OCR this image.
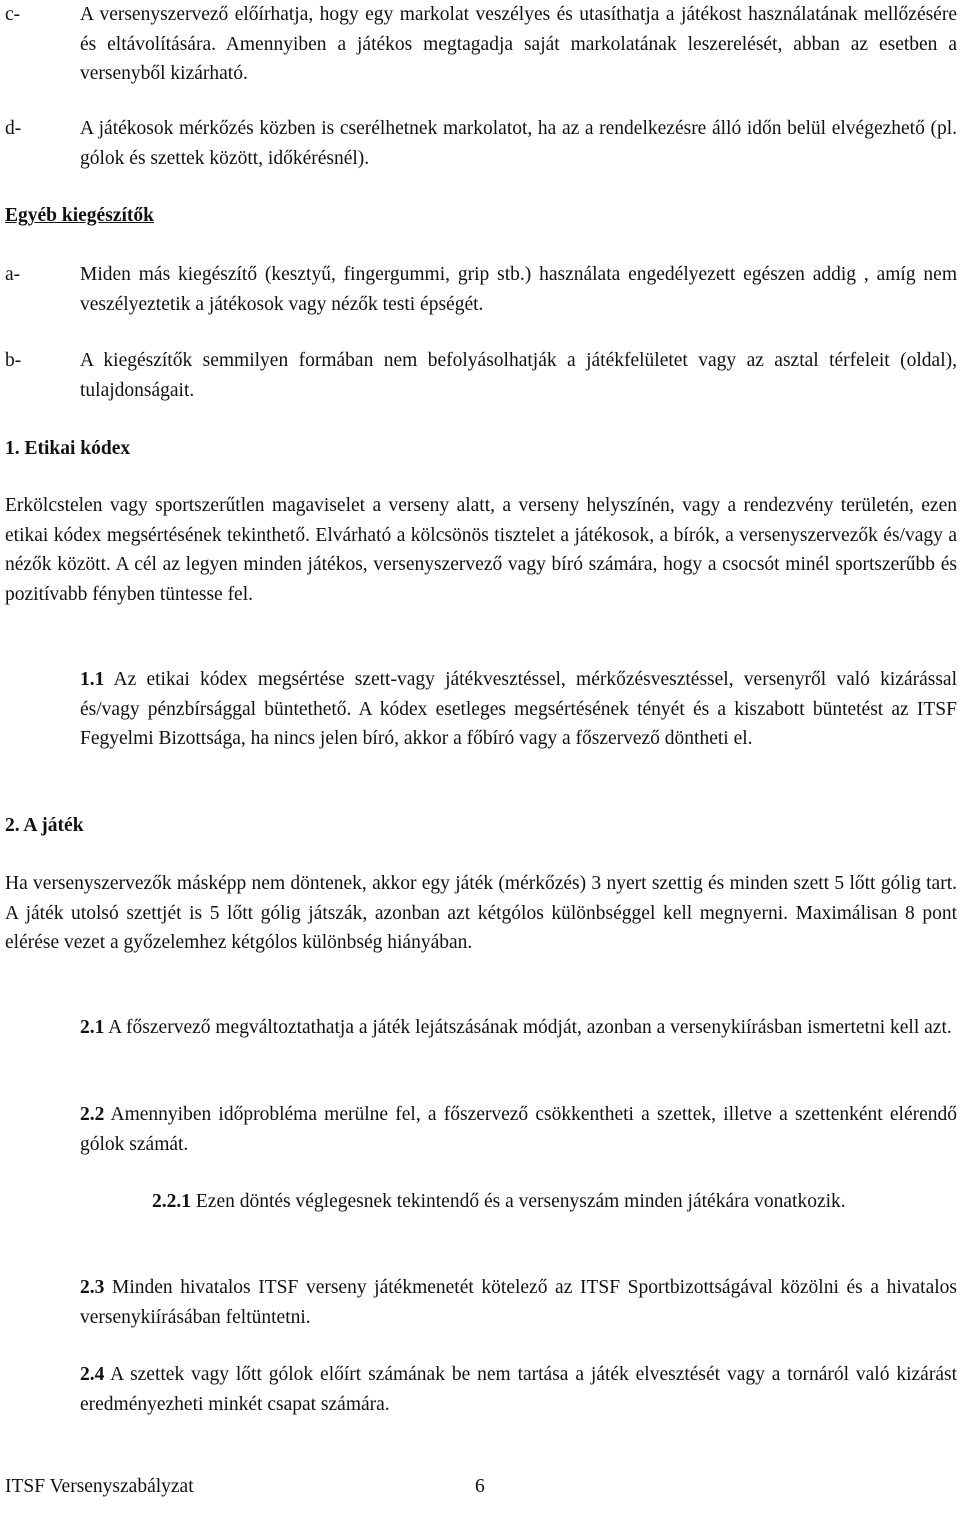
c-	A versenyszervező előírhatja, hogy egy markolat veszélyes és utasíthatja a játékost használatának mellőzésére és eltávolítására. Amennyiben a játékos megtagadja saját markolatának leszerelését, abban az esetben a versenyből kizárható.

d-	A játékosok mérkőzés közben is cserélhetnek markolatot, ha az a rendelkezésre álló időn belül elvégezhető (pl. gólok és szettek között, időkérésnél).

Egyéb kiegészítők
a-	Miden más kiegészítő (kesztyű, fingergummi, grip stb.) használata engedélyezett egészen addig , amíg nem veszélyeztetik a játékosok vagy nézők testi épségét.

b-	A kiegészítők semmilyen formában nem befolyásolhatják a játékfelületet vagy az asztal térfeleit (oldal), tulajdonságait.

1. Etikai kódex

Erkölcstelen vagy sportszerűtlen magaviselet a verseny alatt, a verseny helyszínén, vagy a rendezvény területén, ezen etikai kódex megsértésének tekinthető. Elvárható a kölcsönös tisztelet a játékosok, a bírók, a versenyszervezők és/vagy a nézők között. A cél az legyen minden játékos, versenyszervező vagy bíró számára, hogy a csocsót minél sportszerűbb és pozitívabb fényben tüntesse fel.

1.1 Az etikai kódex megsértése szett-vagy játékvesztéssel, mérkőzésvesztéssel, versenyről való kizárással és/vagy pénzbírsággal büntethető. A kódex esetleges megsértésének tényét és a kiszabott büntetést az ITSF Fegyelmi Bizottsága, ha nincs jelen bíró, akkor a főbíró vagy a főszervező döntheti el.

2. A játék

Ha versenyszervezők másképp nem döntenek, akkor egy játék (mérkőzés) 3 nyert szettig és minden szett 5 lőtt gólig tart. A játék utolsó szettjét is 5 lőtt gólig játszák, azonban azt kétgólos különbséggel kell megnyerni. Maximálisan 8 pont elérése vezet a győzelemhez kétgólos különbség hiányában.

2.1 A főszervező megváltoztathatja a játék lejátszásának módját, azonban a versenykiírásban ismertetni kell azt.

2.2 Amennyiben időprobléma merülne fel, a főszervező csökkentheti a szettek, illetve a szettenként elérendő gólok számát.

2.2.1 Ezen döntés véglegesnek tekintendő és a versenyszám minden játékára vonatkozik.

2.3 Minden hivatalos ITSF verseny játékmenetét kötelező az ITSF Sportbizottságával közölni és a hivatalos versenykiírásában feltüntetni.

2.4 A szettek vagy lőtt gólok előírt számának be nem tartása a játék elvesztését vagy a tornáról való kizárást eredményezheti minkét csapat számára.

ITSF Versenyszabályzat	6
